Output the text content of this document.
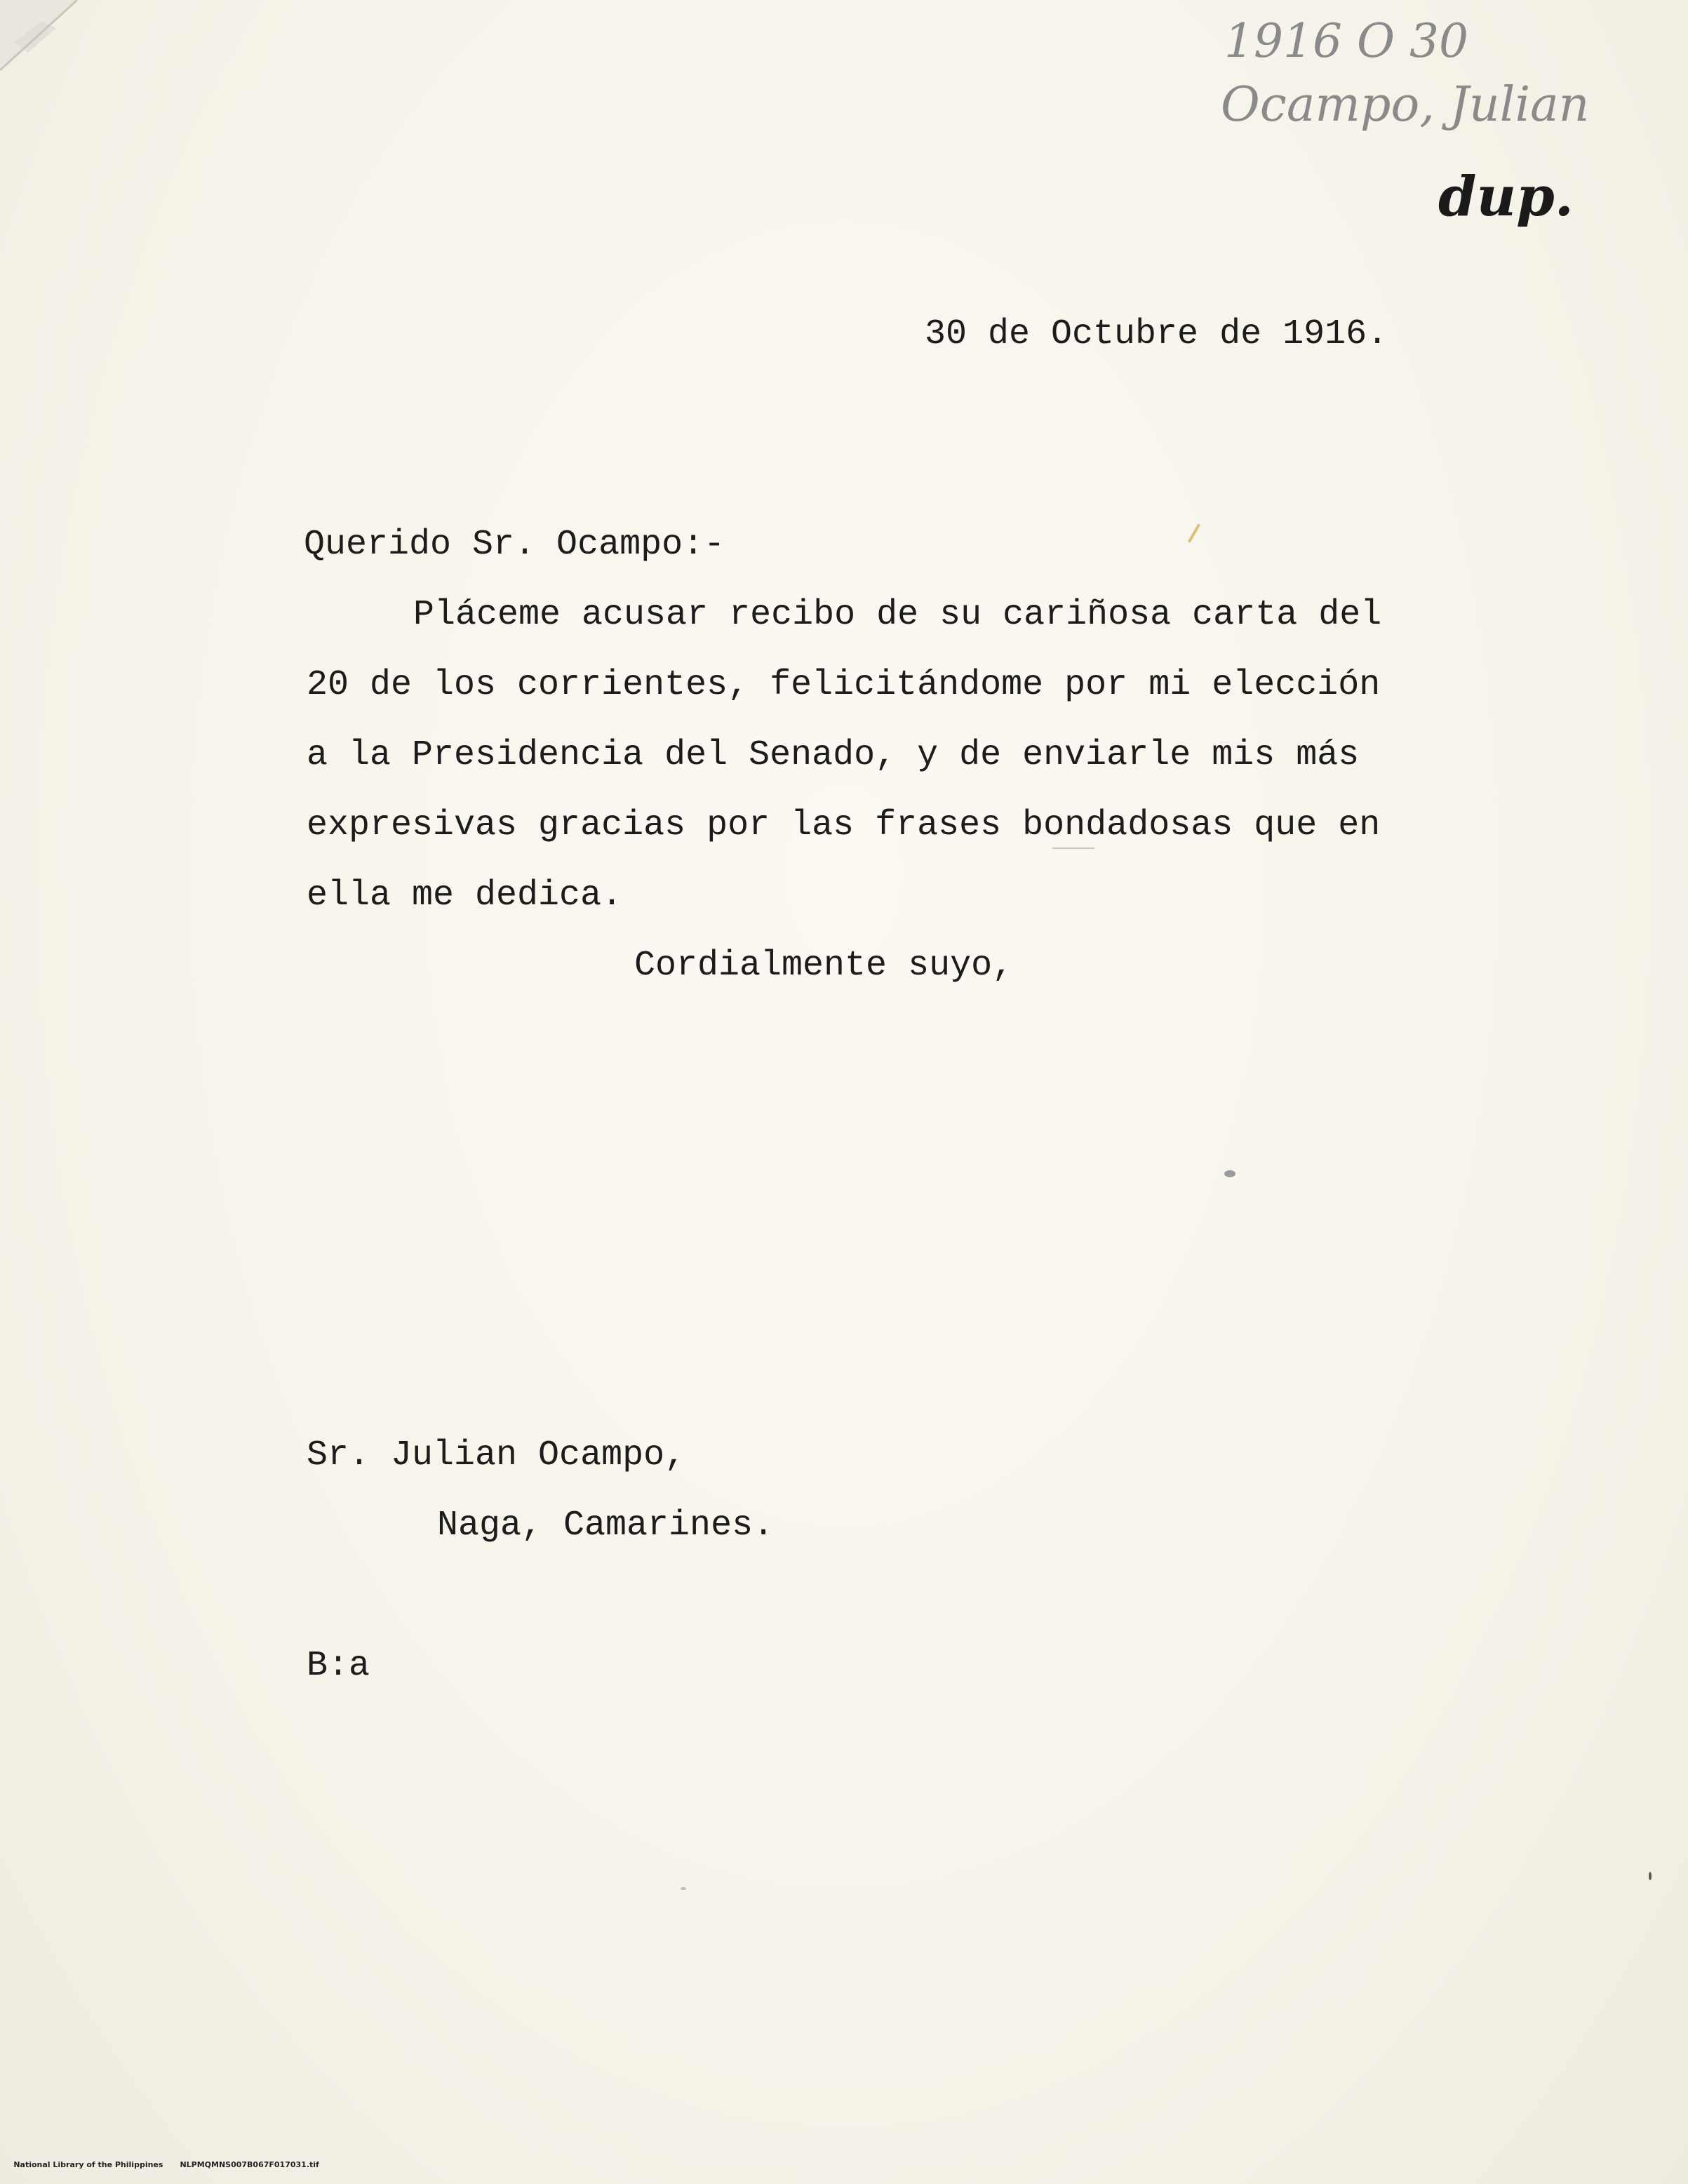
1916 O 30
Ocampo, Julian
dup.
30 de Octubre de 1916.
Querido Sr. Ocampo:-
Pláceme acusar recibo de su cariñosa carta del
20 de los corrientes, felicitándome por mi elección
a la Presidencia del Senado, y de enviarle mis más
expresivas gracias por las frases bondadosas que en
ella me dedica.
Cordialmente suyo,
Sr. Julian Ocampo,
Naga, Camarines.
B:a

National Library of the Philippines NLPMQMNS007B067F017031.tif
